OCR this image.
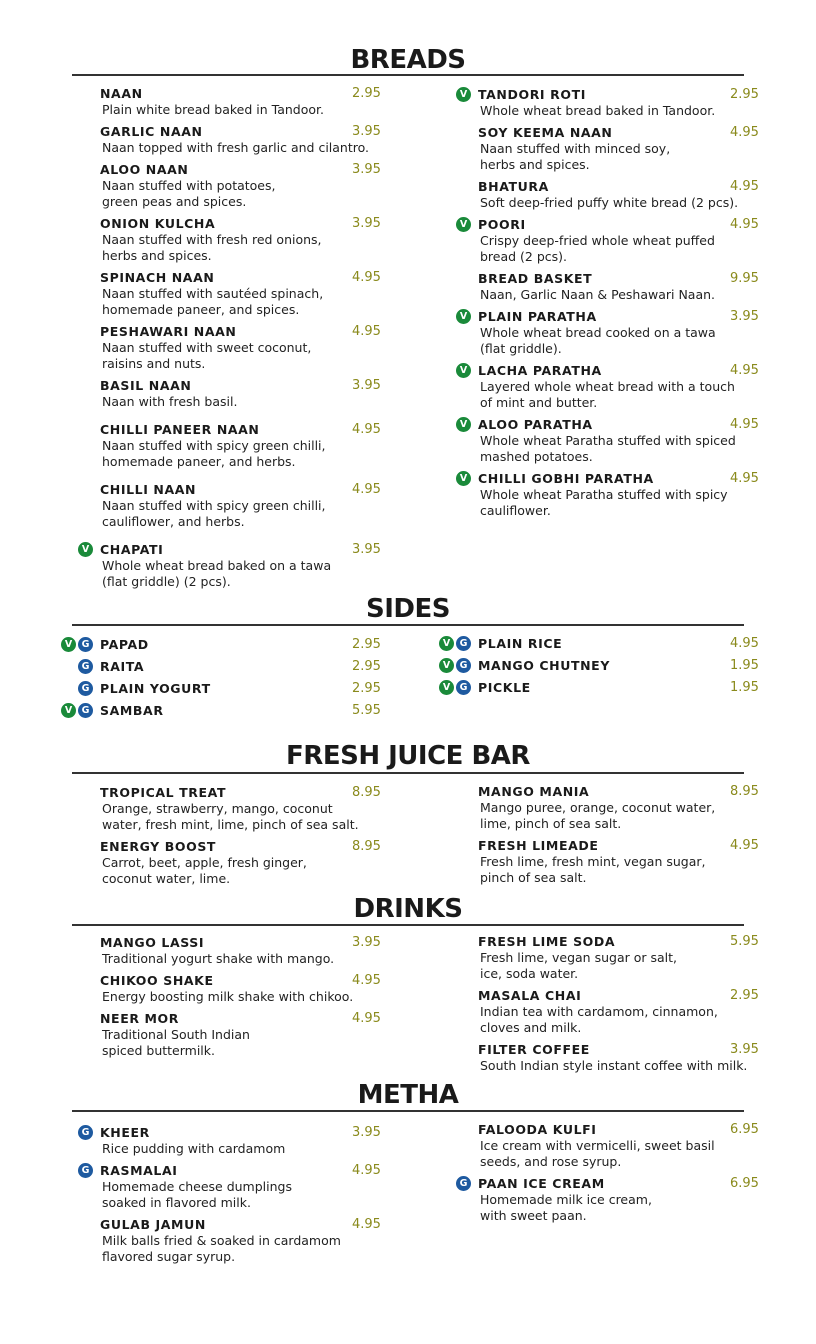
BREADS
SIDES
FRESH JUICE BAR
DRINKS
METHA
NAAN	2.95
Plain white bread baked in Tandoor.
GARLIC NAAN	3.95
Naan topped with fresh garlic and cilantro.
ALOO NAAN	3.95
Naan stuffed with potatoes,
green peas and spices.
ONION KULCHA	3.95
Naan stuffed with fresh red onions,
herbs and spices.
SPINACH NAAN	4.95
Naan stuffed with sautéed spinach,
homemade paneer, and spices.
PESHAWARI NAAN	4.95
Naan stuffed with sweet coconut,
raisins and nuts.
BASIL NAAN	3.95
Naan with fresh basil.
CHILLI PANEER NAAN	4.95
Naan stuffed with spicy green chilli,
homemade paneer, and herbs.
CHILLI NAAN	4.95
Naan stuffed with spicy green chilli,
cauliflower, and herbs.
CHAPATI	3.95
Whole wheat bread baked on a tawa
(flat griddle) (2 pcs).
V
TANDORI ROTI	2.95
Whole wheat bread baked in Tandoor.
V
SOY KEEMA NAAN	4.95
Naan stuffed with minced soy,
herbs and spices.
BHATURA	4.95
Soft deep-fried puffy white bread (2 pcs).
POORI	4.95
Crispy deep-fried whole wheat puffed
bread (2 pcs).
V
BREAD BASKET	9.95
Naan, Garlic Naan & Peshawari Naan.
PLAIN PARATHA	3.95
Whole wheat bread cooked on a tawa
(flat griddle).
V
LACHA PARATHA	4.95
Layered whole wheat bread with a touch
of mint and butter.
V
ALOO PARATHA	4.95
Whole wheat Paratha stuffed with spiced
mashed potatoes.
V
CHILLI GOBHI PARATHA	4.95
Whole wheat Paratha stuffed with spicy
cauliflower.
V
PAPAD	2.95
V G
RAITA	2.95
G
PLAIN YOGURT	2.95
G
SAMBAR	5.95
V G
PLAIN RICE	4.95
V G
MANGO CHUTNEY	1.95
V G
PICKLE	1.95
V G
TROPICAL TREAT	8.95
Orange, strawberry, mango, coconut
water, fresh mint, lime, pinch of sea salt.
ENERGY BOOST	8.95
Carrot, beet, apple, fresh ginger,
coconut water, lime.
MANGO MANIA	8.95
Mango puree, orange, coconut water,
lime, pinch of sea salt.
FRESH LIMEADE	4.95
Fresh lime, fresh mint, vegan sugar,
pinch of sea salt.
MANGO LASSI	3.95
Traditional yogurt shake with mango.
CHIKOO SHAKE	4.95
Energy boosting milk shake with chikoo.
NEER MOR	4.95
Traditional South Indian
spiced buttermilk.
FRESH LIME SODA	5.95
Fresh lime, vegan sugar or salt,
ice, soda water.
MASALA CHAI	2.95
Indian tea with cardamom, cinnamon,
cloves and milk.
FILTER COFFEE	3.95
South Indian style instant coffee with milk.
KHEER	3.95
Rice pudding with cardamom
G
RASMALAI	4.95
Homemade cheese dumplings
soaked in flavored milk.
G
GULAB JAMUN	4.95
Milk balls fried & soaked in cardamom
flavored sugar syrup.
FALOODA KULFI	6.95
Ice cream with vermicelli, sweet basil
seeds, and rose syrup.
PAAN ICE CREAM	6.95
Homemade milk ice cream,
with sweet paan.
G
